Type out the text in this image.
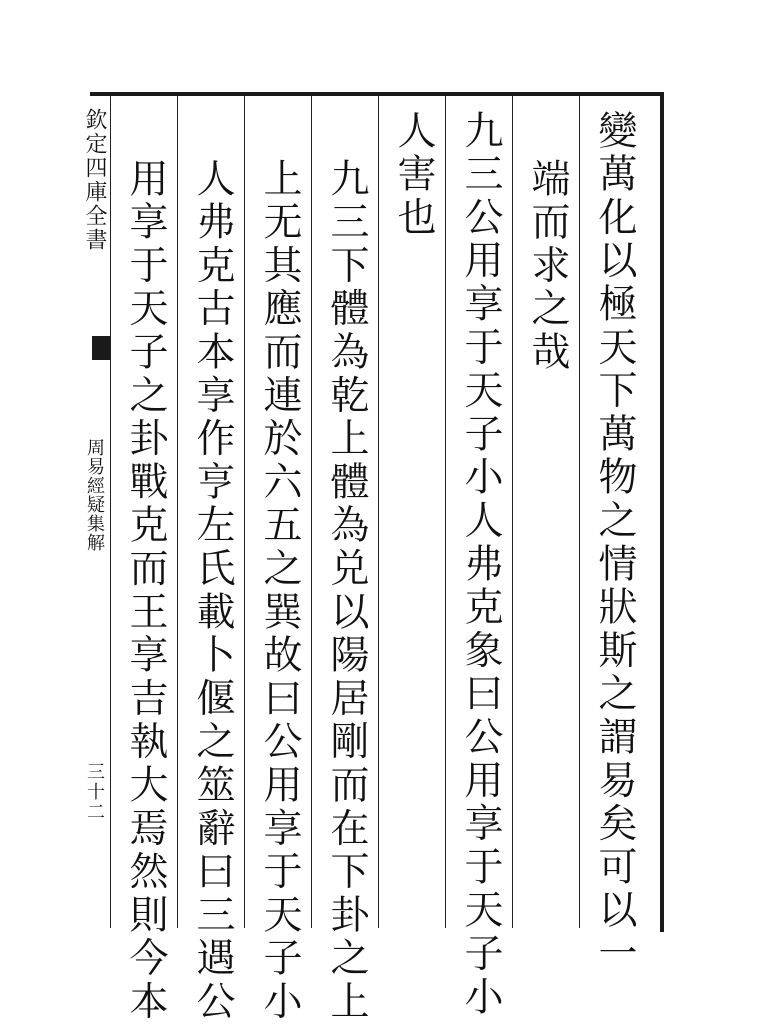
欽定四庫全書
周易經疑集解
三十二	變萬化以極天下萬物之情狀斯之謂易矣可以一
端而求之哉
九三公用享于天子小人弗克象曰公用享于天子小
人害也
九三下體為乾上體為兑以陽居剛而在下卦之上
上无其應而連於六五之巽故曰公用享于天子小
人弗克古本享作亨左氏載卜偃之筮辭曰三遇公
用享于天子之卦戰克而王享吉執大焉然則今本
